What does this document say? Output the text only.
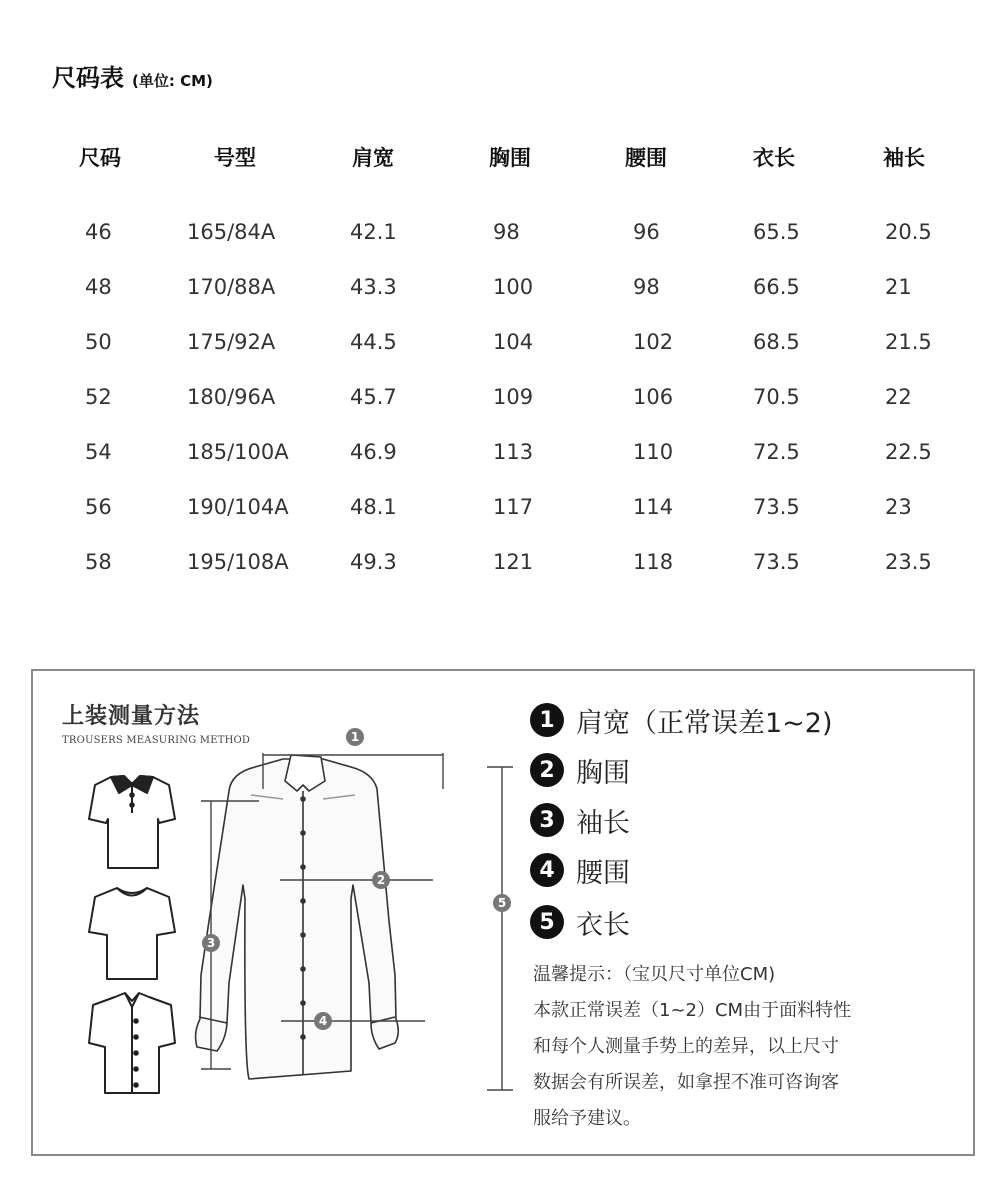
尺码表 (单位: CM)
尺码	号型	肩宽	胸围	腰围	衣长	袖长
46	165/84A	42.1	98	96	65.5	20.5
48	170/88A	43.3	100	98	66.5	21
50	175/92A	44.5	104	102	68.5	21.5
52	180/96A	45.7	109	106	70.5	22
54	185/100A	46.9	113	110	72.5	22.5
56	190/104A	48.1	117	114	73.5	23
58	195/108A	49.3	121	118	73.5	23.5
上装测量方法
TROUSERS MEASURING METHOD	1
2
3
4
5
1 肩宽（正常误差1~2)
2 胸围
3 袖长
4 腰围
5 衣长
温馨提示：（宝贝尺寸单位CM)
本款正常误差（1~2）CM由于面料特性
和每个人测量手势上的差异，以上尺寸
数据会有所误差，如拿捏不准可咨询客
服给予建议。
